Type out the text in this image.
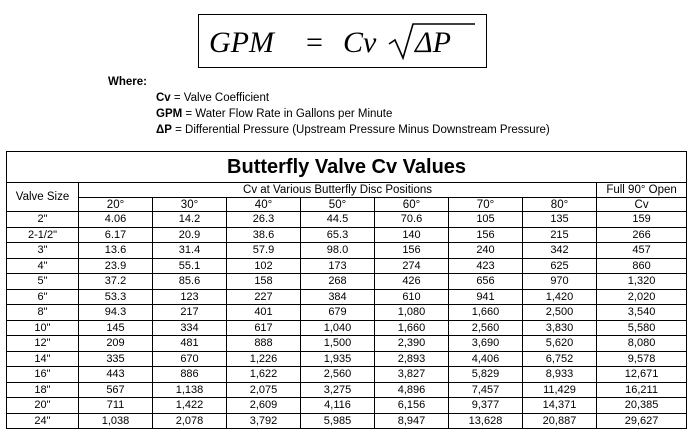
GPM = Cv ΔP
Where:
Cv = Valve Coefficient
GPM = Water Flow Rate in Gallons per Minute
ΔP = Differential Pressure (Upstream Pressure Minus Downstream Pressure)
Butterfly Valve Cv Values								
Valve Size	Cv at Various Butterfly Disc Positions							Full 90° Open
	20°	30°	40°	50°	60°	70°	80°	Cv
2"	4.06	14.2	26.3	44.5	70.6	105	135	159
2-1/2"	6.17	20.9	38.6	65.3	140	156	215	266
3"	13.6	31.4	57.9	98.0	156	240	342	457
4"	23.9	55.1	102	173	274	423	625	860
5"	37.2	85.6	158	268	426	656	970	1,320
6"	53.3	123	227	384	610	941	1,420	2,020
8"	94.3	217	401	679	1,080	1,660	2,500	3,540
10"	145	334	617	1,040	1,660	2,560	3,830	5,580
12"	209	481	888	1,500	2,390	3,690	5,620	8,080
14"	335	670	1,226	1,935	2,893	4,406	6,752	9,578
16"	443	886	1,622	2,560	3,827	5,829	8,933	12,671
18"	567	1,138	2,075	3,275	4,896	7,457	11,429	16,211
20"	711	1,422	2,609	4,116	6,156	9,377	14,371	20,385
24"	1,038	2,078	3,792	5,985	8,947	13,628	20,887	29,627
